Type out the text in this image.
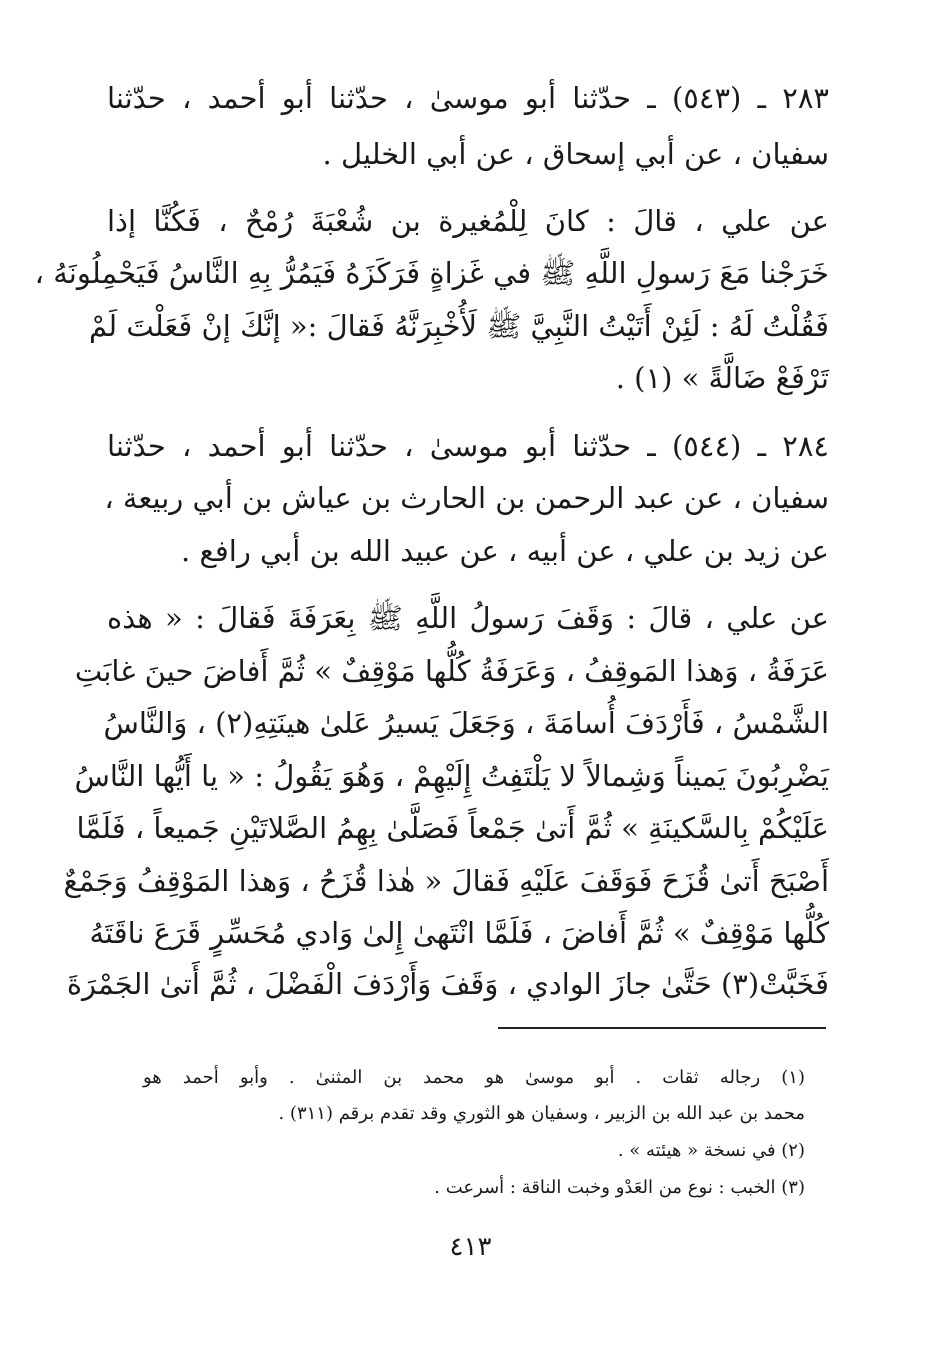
٢٨٣ ـ (٥٤٣) ـ حدّثنا أبو موسىٰ ، حدّثنا أبو أحمد ، حدّثنا
سفيان ، عن أبي إسحاق ، عن أبي الخليل .
عن علي ، قالَ : كانَ لِلْمُغيرة بن شُعْبَةَ رُمْحٌ ، فَكُنَّا إذا
خَرَجْنا مَعَ رَسولِ اللَّهِ ﷺ في غَزاةٍ فَرَكَزَهُ فَيَمُرُّ بِهِ النَّاسُ فَيَحْمِلُونَهُ ،
فَقُلْتُ لَهُ : لَئِنْ أَتَيْتُ النَّبِيَّ ﷺ لَأُخْبِرَنَّهُ فَقالَ :« إنَّكَ إنْ فَعَلْتَ لَمْ
تَرْفَعْ ضَالَّةً » (١) .
٢٨٤ ـ (٥٤٤) ـ حدّثنا أبو موسىٰ ، حدّثنا أبو أحمد ، حدّثنا
سفيان ، عن عبد الرحمن بن الحارث بن عياش بن أبي ربيعة ،
عن زيد بن علي ، عن أبيه ، عن عبيد الله بن أبي رافع .
عن علي ، قالَ : وَقَفَ رَسولُ اللَّهِ ﷺ بِعَرَفَةَ فَقالَ : « هذه
عَرَفَةُ ، وَهذا المَوقِفُ ، وَعَرَفَةُ كُلُّها مَوْقِفٌ » ثُمَّ أَفاضَ حينَ غابَتِ
الشَّمْسُ ، فَأَرْدَفَ أُسامَةَ ، وَجَعَلَ يَسيرُ عَلىٰ هينَتِهِ(٢) ، وَالنَّاسُ
يَضْرِبُونَ يَميناً وَشِمالاً لا يَلْتَفِتُ إِلَيْهِمْ ، وَهُوَ يَقُولُ : « يا أَيُّها النَّاسُ
عَلَيْكُمْ بِالسَّكينَةِ » ثُمَّ أَتىٰ جَمْعاً فَصَلَّىٰ بِهِمُ الصَّلاتَيْنِ جَميعاً ، فَلَمَّا
أَصْبَحَ أَتىٰ قُزَحَ فَوَقَفَ عَلَيْهِ فَقالَ « هٰذا قُزَحُ ، وَهذا المَوْقِفُ وَجَمْعٌ
كُلُّها مَوْقِفٌ » ثُمَّ أَفاضَ ، فَلَمَّا انْتَهىٰ إِلىٰ وَادي مُحَسِّرٍ قَرَعَ ناقَتَهُ
فَخَبَّتْ(٣) حَتَّىٰ جازَ الوادي ، وَقَفَ وَأَرْدَفَ الْفَضْلَ ، ثُمَّ أَتىٰ الجَمْرَةَ
(١) رجاله ثقات . أبو موسىٰ هو محمد بن المثنىٰ . وأبو أحمد هو
محمد بن عبد الله بن الزبير ، وسفيان هو الثوري وقد تقدم برقم (٣١١) .
(٢) في نسخة « هيئته » .
(٣) الخبب : نوع من العَدْو وخبت الناقة : أسرعت .
٤١٣
